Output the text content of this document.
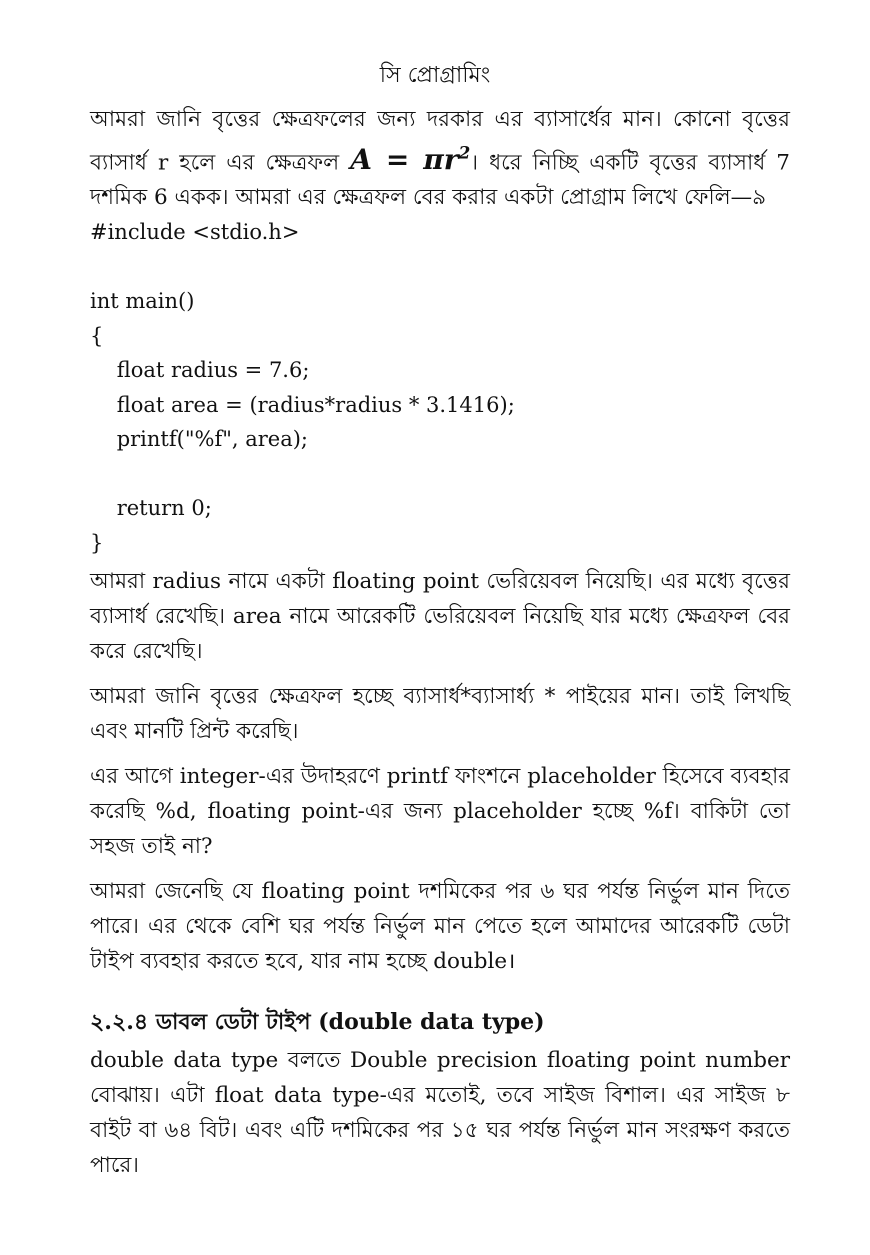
সি প্রোগ্রামিং

আমরা জানি বৃত্তের ক্ষেত্রফলের জন্য দরকার এর ব্যাসার্ধের মান। কোনো বৃত্তের ব্যাসার্ধ r হলে এর ক্ষেত্রফল $A = \pi r^2।$ ধরে নিচ্ছি একটি বৃত্তের ব্যাসার্ধ 7 দশমিক 6 একক। আমরা এর ক্ষেত্রফল বের করার একটা প্রোগ্রাম লিখে ফেলি—৯

#include <stdio.h>

int main()
{
float radius = 7.6;
float area = (radius*radius * 3.1416);
printf("%f", area);

return 0;
}

আমরা radius নামে একটা floating point ভেরিয়েবল নিয়েছি। এর মধ্যে বৃত্তের ব্যাসার্ধ রেখেছি। area নামে আরেকটি ভেরিয়েবল নিয়েছি যার মধ্যে ক্ষেত্রফল বের করে রেখেছি।

আমরা জানি বৃত্তের ক্ষেত্রফল হচ্ছে ব্যাসার্ধ*ব্যাসার্ধ্য * পাইয়ের মান। তাই লিখছি এবং মানটি প্রিন্ট করেছি।

এর আগে integer-এর উদাহরণে printf ফাংশনে placeholder হিসেবে ব্যবহার করেছি %d, floating point-এর জন্য placeholder হচ্ছে %f। বাকিটা তো সহজ তাই না?

আমরা জেনেছি যে floating point দশমিকের পর ৬ ঘর পর্যন্ত নির্ভুল মান দিতে পারে। এর থেকে বেশি ঘর পর্যন্ত নির্ভুল মান পেতে হলে আমাদের আরেকটি ডেটা টাইপ ব্যবহার করতে হবে, যার নাম হচ্ছে double।

২.২.৪ ডাবল ডেটা টাইপ (double data type)

double data type বলতে Double precision floating point number বোঝায়। এটা float data type-এর মতোই, তবে সাইজ বিশাল। এর সাইজ ৮ বাইট বা ৬৪ বিট। এবং এটি দশমিকের পর ১৫ ঘর পর্যন্ত নির্ভুল মান সংরক্ষণ করতে পারে।
